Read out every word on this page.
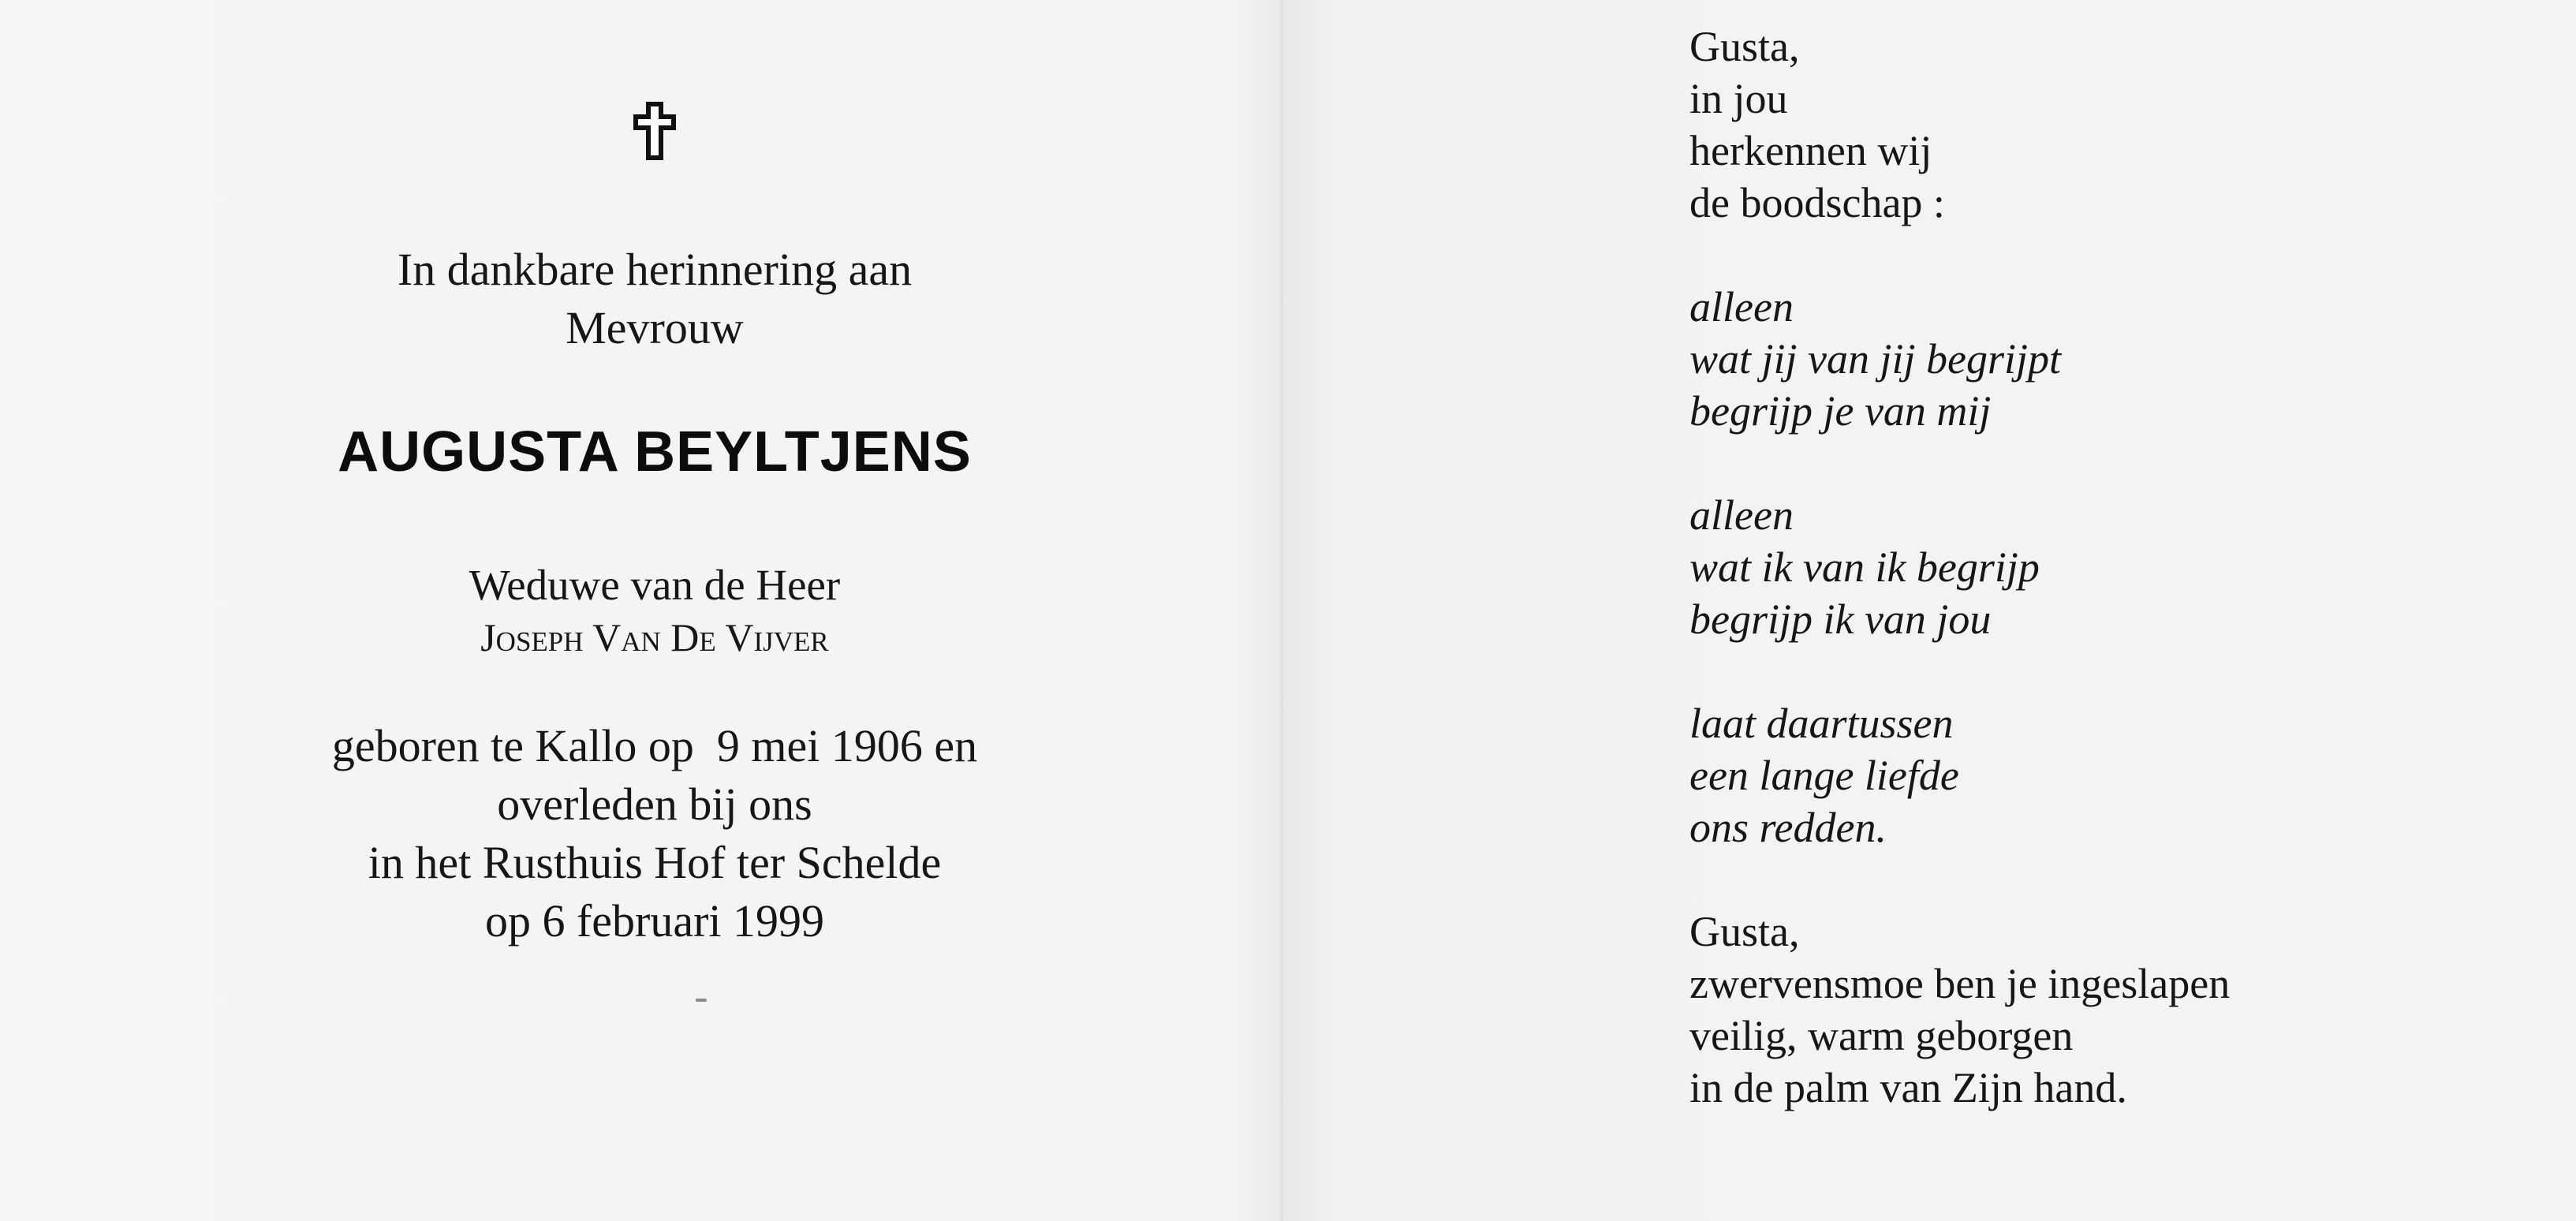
In dankbare herinnering aan
Mevrouw
AUGUSTA BEYLTJENS
Weduwe van de Heer
Joseph Van De Vijver
geboren te Kallo op  9 mei 1906 en
overleden bij ons
in het Rusthuis Hof ter Schelde
op 6 februari 1999
Gusta,
in jou
herkennen wij
de boodschap :
alleen
wat jij van jij begrijpt
begrijp je van mij
alleen
wat ik van ik begrijp
begrijp ik van jou
laat daartussen
een lange liefde
ons redden.
Gusta,
zwervensmoe ben je ingeslapen
veilig, warm geborgen
in de palm van Zijn hand.
